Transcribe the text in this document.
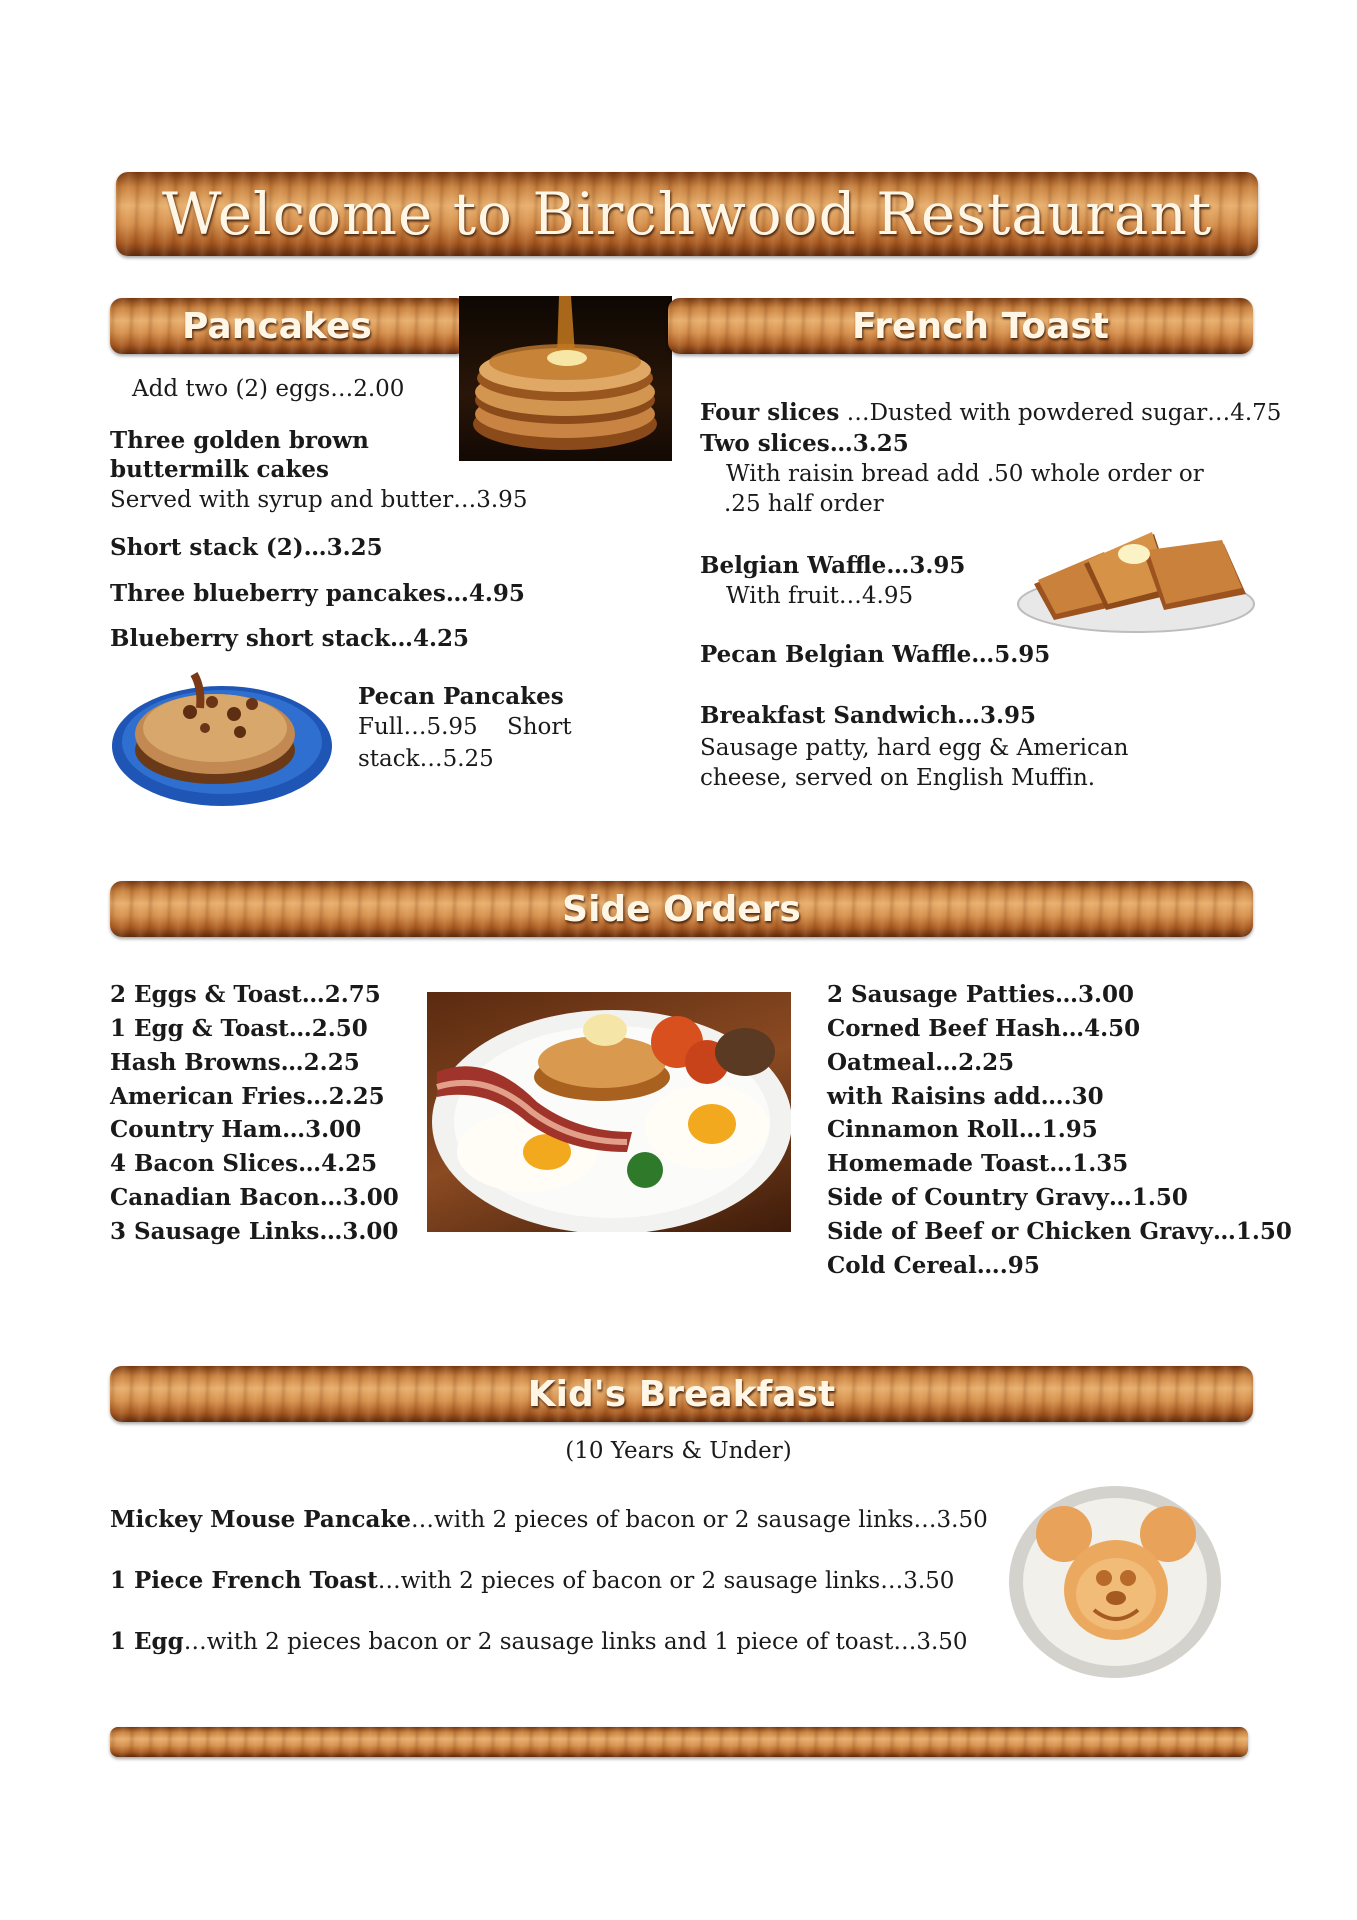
Welcome to Birchwood Restaurant
Pancakes
Add two (2) eggs…2.00
Three golden brown
buttermilk cakes
Served with syrup and butter…3.95
Short stack (2)…3.25
Three blueberry pancakes…4.95
Blueberry short stack…4.25
Pecan Pancakes
Full…5.95    Short
stack…5.25
French Toast
Four slices …Dusted with powdered sugar…4.75
Two slices…3.25
With raisin bread add .50 whole order or
.25 half order
Belgian Waffle…3.95
With fruit…4.95
Pecan Belgian Waffle…5.95
Breakfast Sandwich…3.95
Sausage patty, hard egg & American
cheese, served on English Muffin.
Side Orders
2 Eggs & Toast…2.75
1 Egg & Toast…2.50
Hash Browns…2.25
American Fries…2.25
Country Ham…3.00
4 Bacon Slices…4.25
Canadian Bacon…3.00
3 Sausage Links…3.00
2 Sausage Patties…3.00
Corned Beef Hash…4.50
Oatmeal…2.25
with Raisins add….30
Cinnamon Roll…1.95
Homemade Toast…1.35
Side of Country Gravy…1.50
Side of Beef or Chicken Gravy…1.50
Cold Cereal….95
Kid's Breakfast
(10 Years & Under)
Mickey Mouse Pancake…with 2 pieces of bacon or 2 sausage links…3.50
1 Piece French Toast…with 2 pieces of bacon or 2 sausage links…3.50
1 Egg…with 2 pieces bacon or 2 sausage links and 1 piece of toast…3.50
